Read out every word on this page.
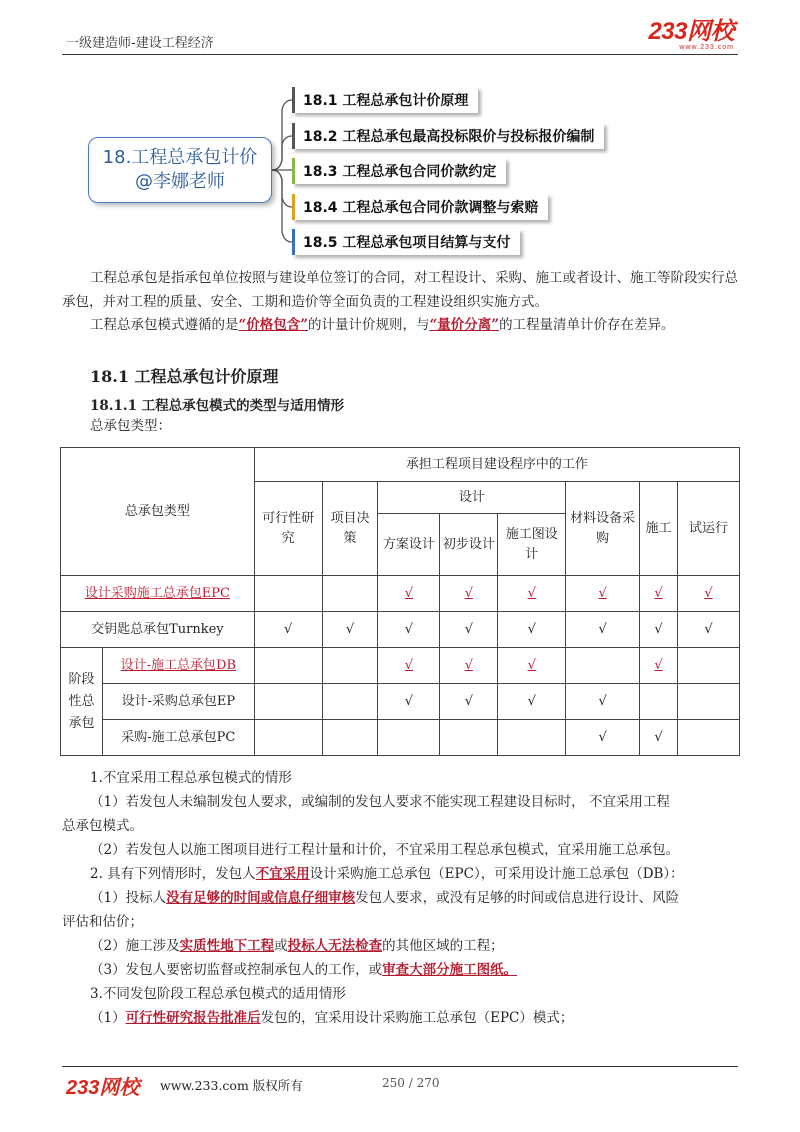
一级建造师-建设工程经济	233网校
www.233.com
18.工程总承包计价
@李娜老师
18.1 工程总承包计价原理
18.2 工程总承包最高投标限价与投标报价编制
18.3 工程总承包合同价款约定
18.4 工程总承包合同价款调整与索赔
18.5 工程总承包项目结算与支付

工程总承包是指承包单位按照与建设单位签订的合同，对工程设计、采购、施工或者设计、施工等阶段实行总承包，并对工程的质量、安全、工期和造价等全面负责的工程建设组织实施方式。

工程总承包模式遵循的是“价格包含”的计量计价规则，与“量价分离”的工程量清单计价存在差异。

18.1 工程总承包计价原理
18.1.1 工程总承包模式的类型与适用情形
总承包类型：
总承包类型		承担工程项目建设程序中的工作							
		可行性研究	项目决策	设计			材料设备采购	施工	试运行
				方案设计	初步设计	施工图设计			
设计采购施工总承包EPC				√	√	√	√	√	√
交钥匙总承包Turnkey		√	√	√	√	√	√	√	√
阶段性总承包	设计-施工总承包DB			√	√	√		√	
	设计-采购总承包EP			√	√	√	√		
	采购-施工总承包PC						√	√	
1.不宜采用工程总承包模式的情形
（1）若发包人未编制发包人要求，或编制的发包人要求不能实现工程建设目标时， 不宜采用工程
总承包模式。
（2）若发包人以施工图项目进行工程计量和计价，不宜采用工程总承包模式，宜采用施工总承包。
2. 具有下列情形时，发包人不宜采用设计采购施工总承包（EPC），可采用设计施工总承包（DB）：
（1）投标人没有足够的时间或信息仔细审核发包人要求，或没有足够的时间或信息进行设计、风险
评估和估价；
（2）施工涉及实质性地下工程或投标人无法检查的其他区域的工程；
（3）发包人要密切监督或控制承包人的工作，或审查大部分施工图纸。
3.不同发包阶段工程总承包模式的适用情形
（1）可行性研究报告批准后发包的，宜采用设计采购施工总承包（EPC）模式；
233网校 www.233.com 版权所有	250 / 270
